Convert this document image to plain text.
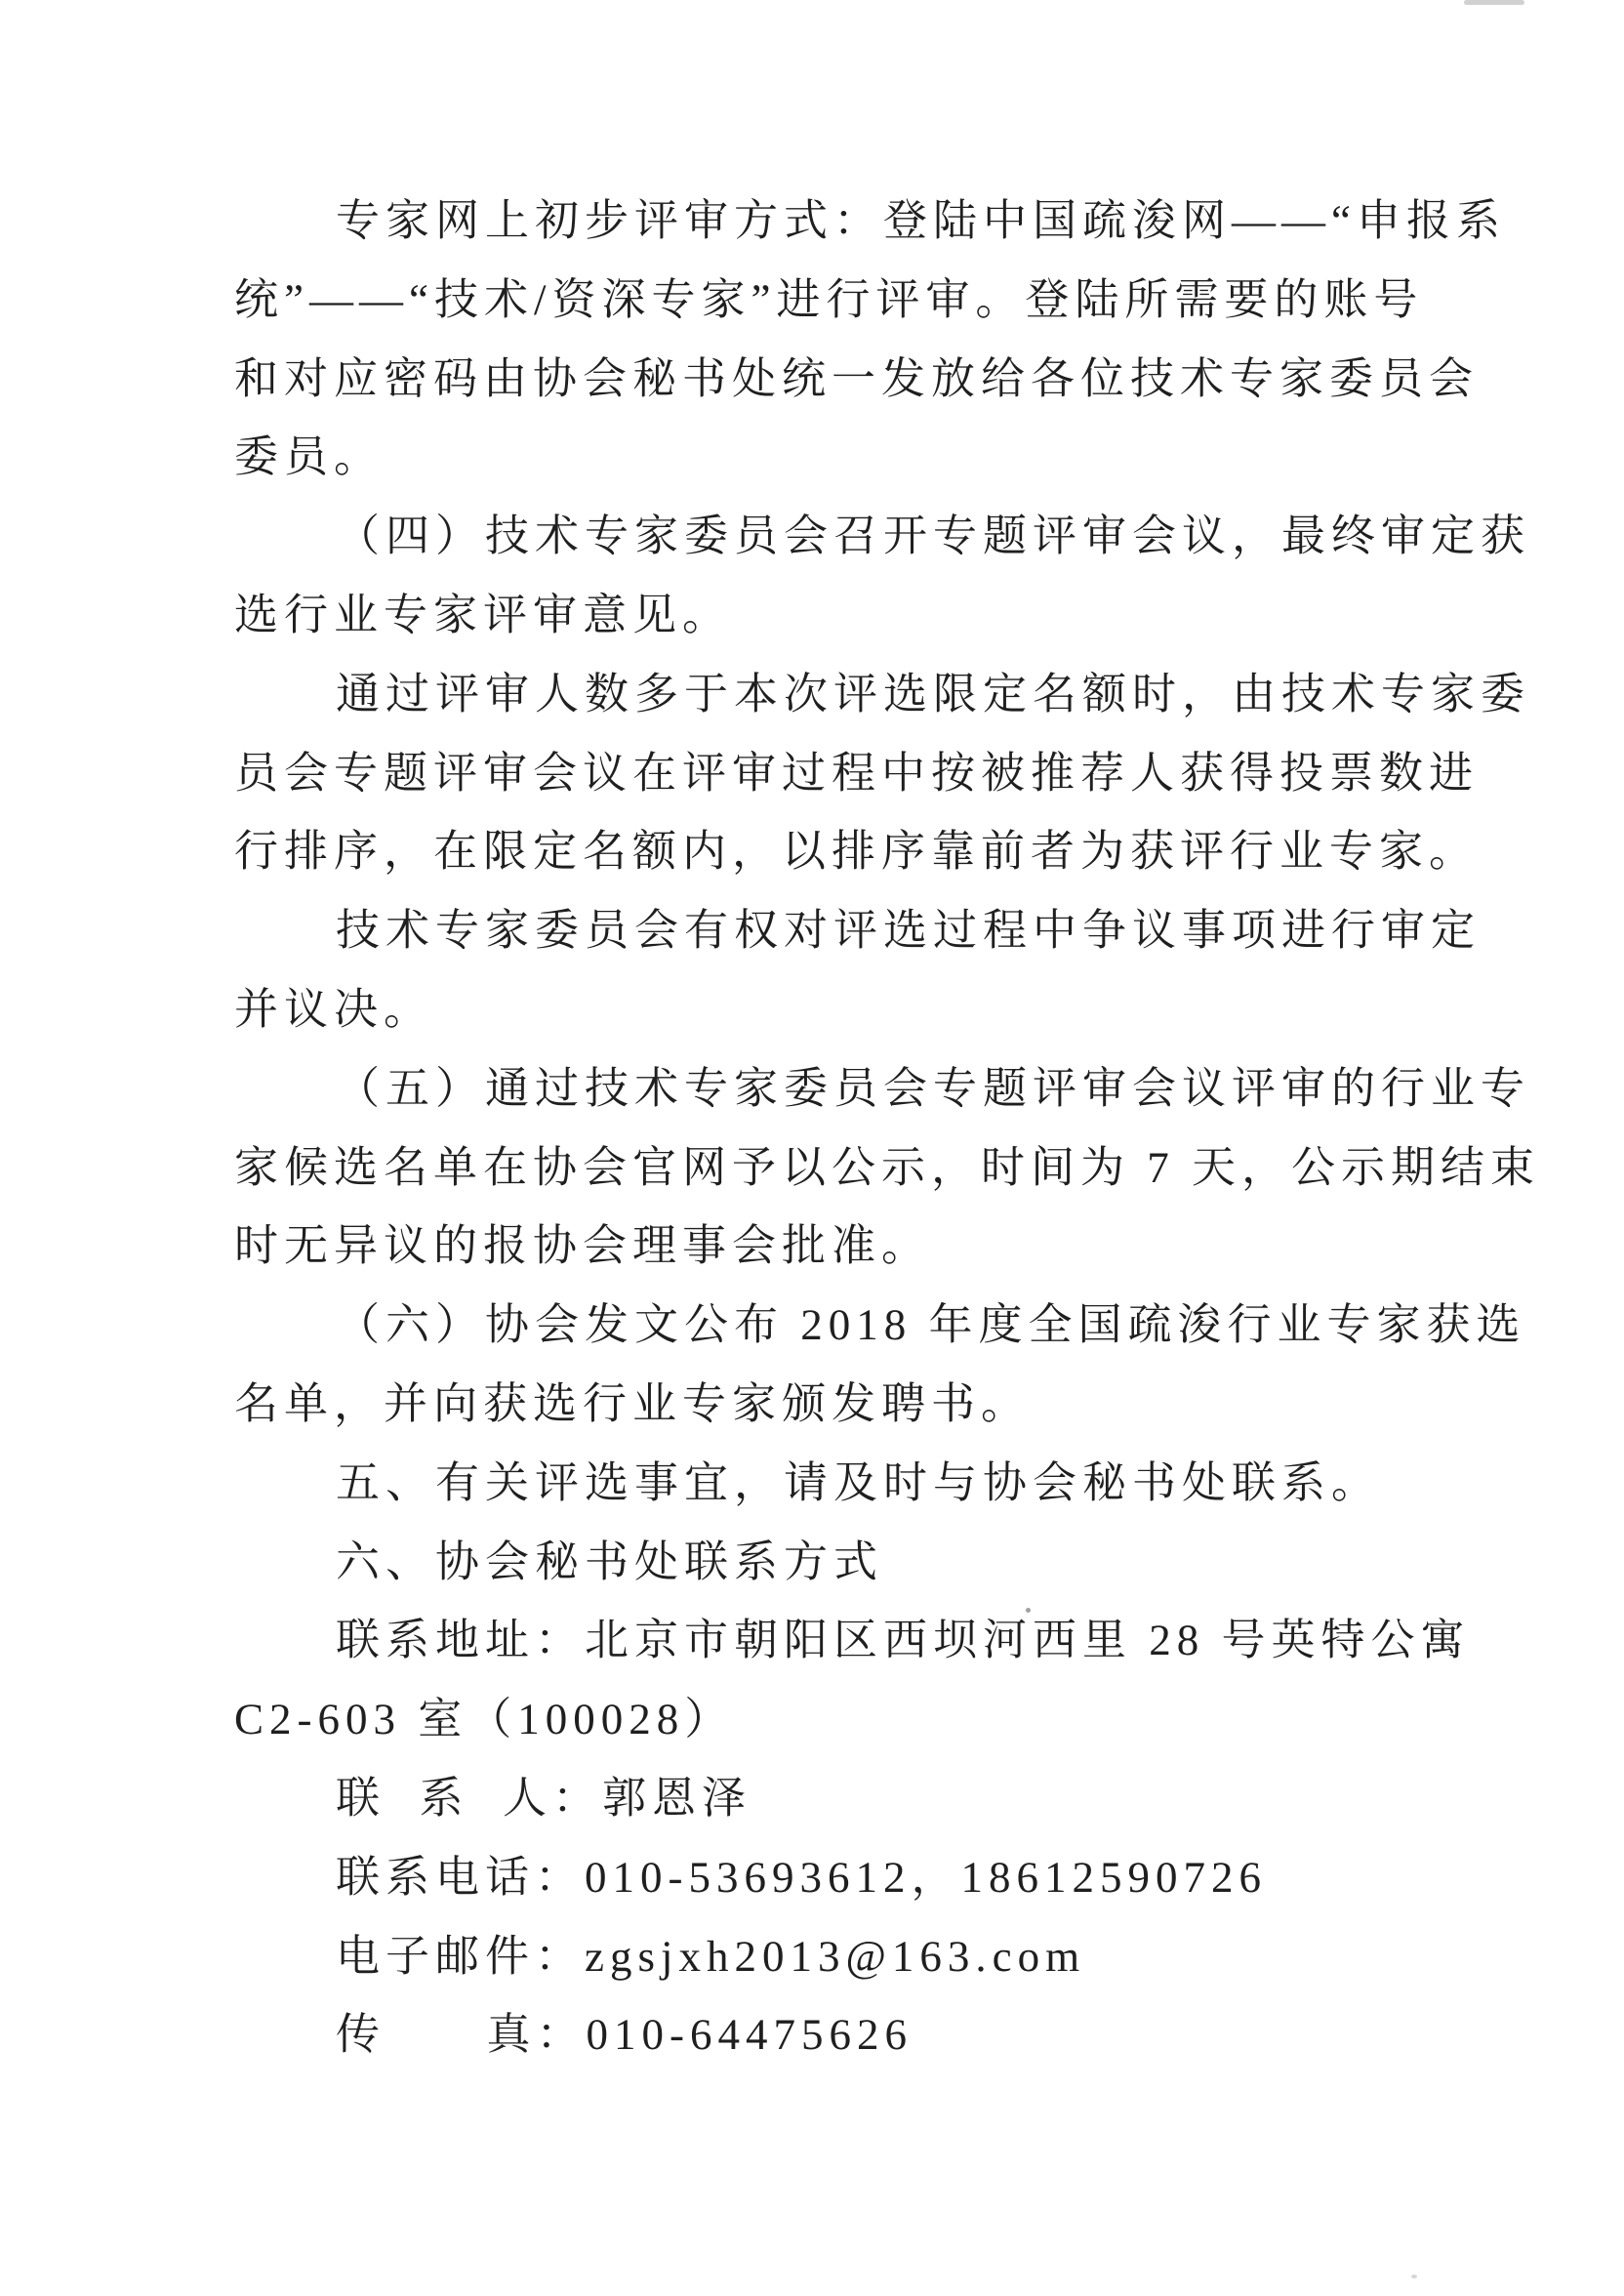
专家网上初步评审方式：登陆中国疏浚网——“申报系
统”——“技术/资深专家”进行评审。登陆所需要的账号
和对应密码由协会秘书处统一发放给各位技术专家委员会
委员。
（四）技术专家委员会召开专题评审会议，最终审定获
选行业专家评审意见。
通过评审人数多于本次评选限定名额时，由技术专家委
员会专题评审会议在评审过程中按被推荐人获得投票数进
行排序，在限定名额内，以排序靠前者为获评行业专家。
技术专家委员会有权对评选过程中争议事项进行审定
并议决。
（五）通过技术专家委员会专题评审会议评审的行业专
家候选名单在协会官网予以公示，时间为 7 天，公示期结束
时无异议的报协会理事会批准。
（六）协会发文公布 2018 年度全国疏浚行业专家获选
名单，并向获选行业专家颁发聘书。
五、有关评选事宜，请及时与协会秘书处联系。
六、协会秘书处联系方式
联系地址：北京市朝阳区西坝河西里 28 号英特公寓
C2-603 室（100028）
联  系  人：郭恩泽
联系电话：010-53693612，18612590726
电子邮件：zgsjxh2013@163.com
传      真：010-64475626
